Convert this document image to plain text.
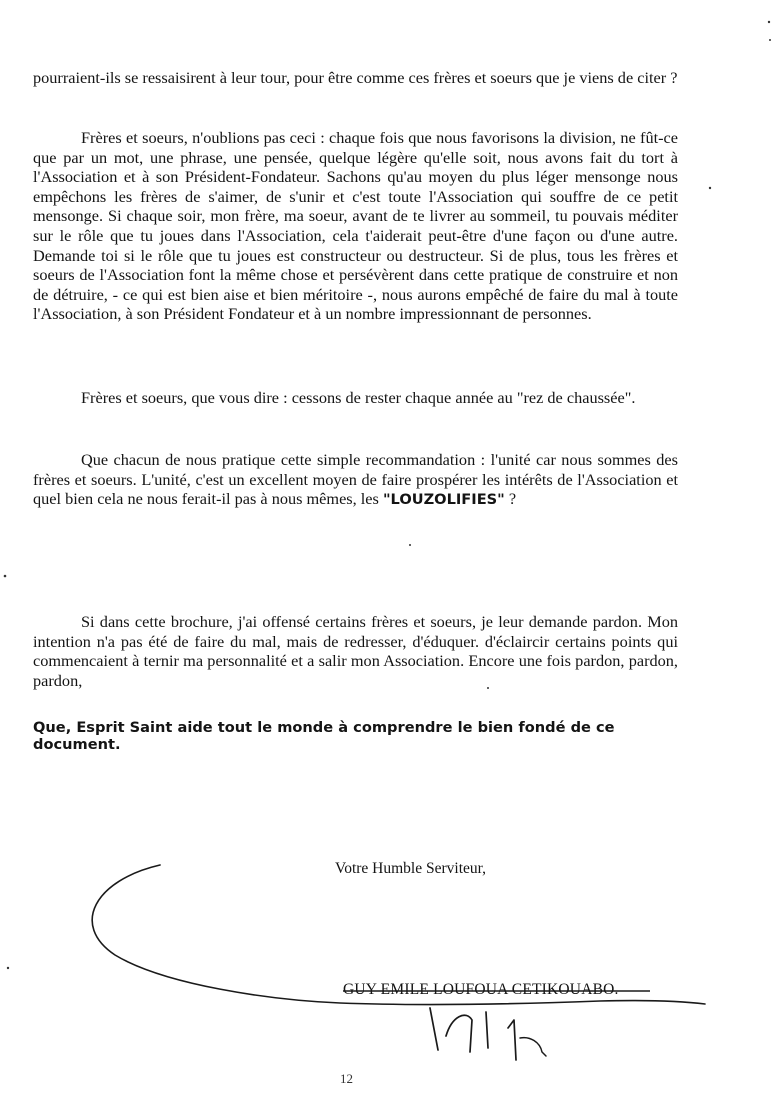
pourraient-ils se ressaisirent à leur tour, pour être comme ces frères et soeurs que je viens de citer ?

Frères et soeurs, n'oublions pas ceci : chaque fois que nous favorisons la division, ne fût-ce que par un mot, une phrase, une pensée, quelque légère qu'elle soit, nous avons fait du tort à l'Association et à son Président-Fondateur. Sachons qu'au moyen du plus léger mensonge nous empêchons les frères de s'aimer, de s'unir et c'est toute l'Association qui souffre de ce petit mensonge. Si chaque soir, mon frère, ma soeur, avant de te livrer au sommeil, tu pouvais méditer sur le rôle que tu joues dans l'Association, cela t'aiderait peut-être d'une façon ou d'une autre. Demande toi si le rôle que tu joues est constructeur ou destructeur. Si de plus, tous les frères et soeurs de l'Association font la même chose et persévèrent dans cette pratique de construire et non de détruire, - ce qui est bien aise et bien méritoire -, nous aurons empêché de faire du mal à toute l'Association, à son Président Fondateur et à un nombre impressionnant de personnes.

Frères et soeurs, que vous dire : cessons de rester chaque année au "rez de chaussée".

Que chacun de nous pratique cette simple recommandation : l'unité car nous sommes des frères et soeurs. L'unité, c'est un excellent moyen de faire prospérer les intérêts de l'Association et quel bien cela ne nous ferait-il pas à nous mêmes, les "LOUZOLIFIES" ?

Si dans cette brochure, j'ai offensé certains frères et soeurs, je leur demande pardon. Mon intention n'a pas été de faire du mal, mais de redresser, d'éduquer. d'éclaircir certains points qui commencaient à ternir ma personnalité et a salir mon Association. Encore une fois pardon, pardon, pardon,

Que, Esprit Saint aide tout le monde à comprendre le bien fondé de ce document.

Votre Humble Serviteur,

GUY EMILE LOUFOUA CETIKOUABO.

12
